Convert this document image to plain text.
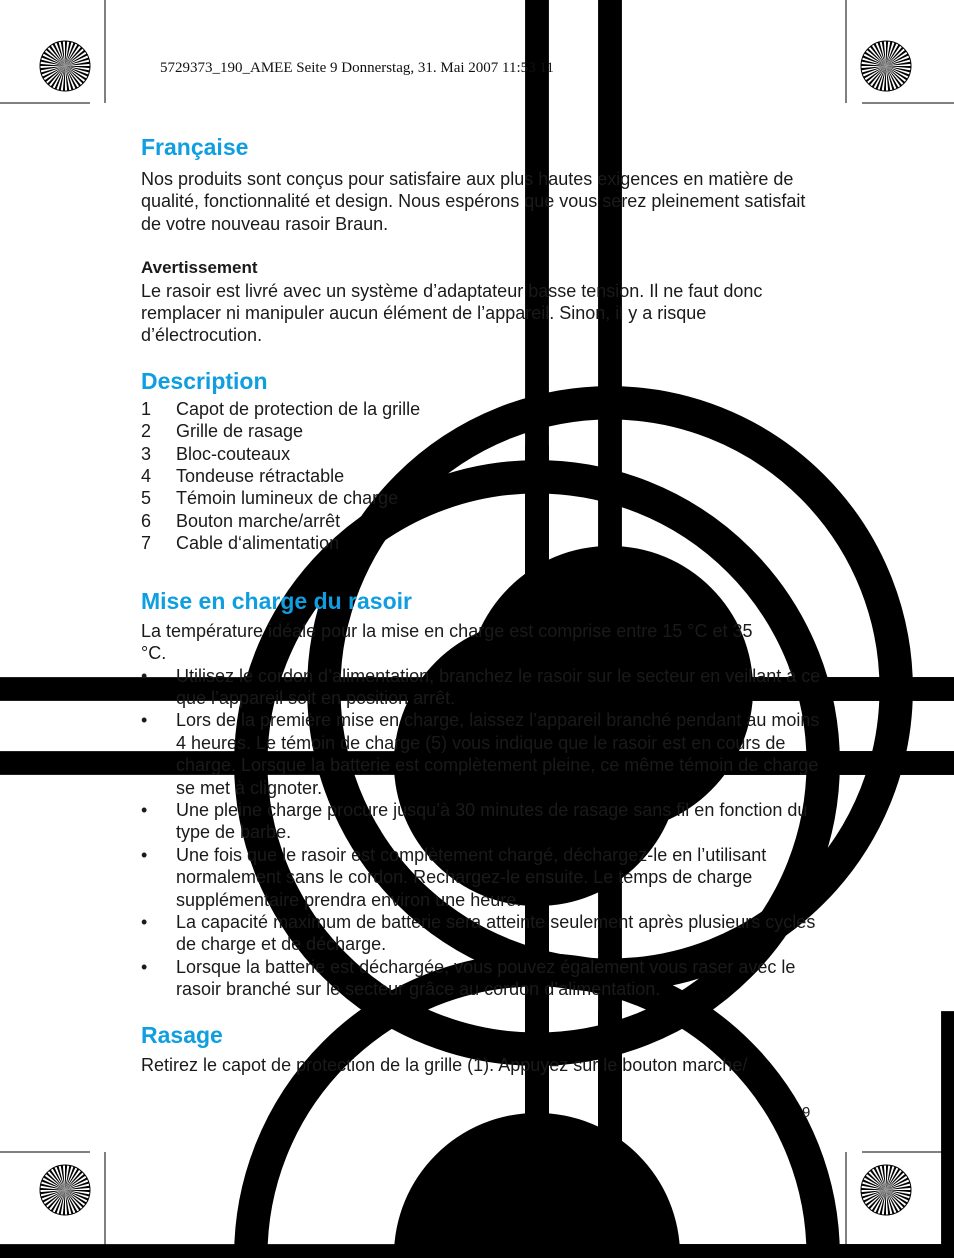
5729373_190_AMEE Seite 9 Donnerstag, 31. Mai 2007 11:53 11
Française

Nos produits sont conçus pour satisfaire aux plus hautes exigences en matière de qualité, fonctionnalité et design. Nous espérons que vous serez pleinement satisfait de votre nouveau rasoir Braun.

Avertissement

Le rasoir est livré avec un système d’adaptateur basse tension. Il ne faut donc remplacer ni manipuler aucun élément de l’appareil. Sinon, il y a risque d’électrocution.

Description
1 Capot de protection de la grille
2 Grille de rasage
3 Bloc-couteaux
4 Tondeuse rétractable
5 Témoin lumineux de charge
6 Bouton marche/arrêt
7 Cable d‘alimentation
Mise en charge du rasoir

La température idéale pour la mise en charge est comprise entre 15 °C et 35 °C.

• Utilisez le cordon d’alimentation, branchez le rasoir sur le secteur en veillant à ce que l’appareil soit en position arrêt.
• Lors de la première mise en charge, laissez l’appareil branché pendant au moins 4 heures. Le témoin de charge (5) vous indique que le rasoir est en cours de charge. Lorsque la batterie est complètement pleine, ce même témoin de charge se met à clignoter.
• Une pleine charge procure jusqu’à 30 minutes de rasage sans fil en fonction du type de barbe.
• Une fois que le rasoir est complètement chargé, déchargez-le en l’utilisant normalement sans le cordon. Rechargez-le ensuite. Le temps de charge supplémentaire prendra environ une heure.
• La capacité maximum de batterie sera atteinte seulement après plusieurs cycles de charge et de décharge.
• Lorsque la batterie est déchargée, vous pouvez également vous raser avec le rasoir branché sur le secteur grâce au cordon d’alimentation.
Rasage

Retirez le capot de protection de la grille (1). Appuyez sur le bouton marche/

9
